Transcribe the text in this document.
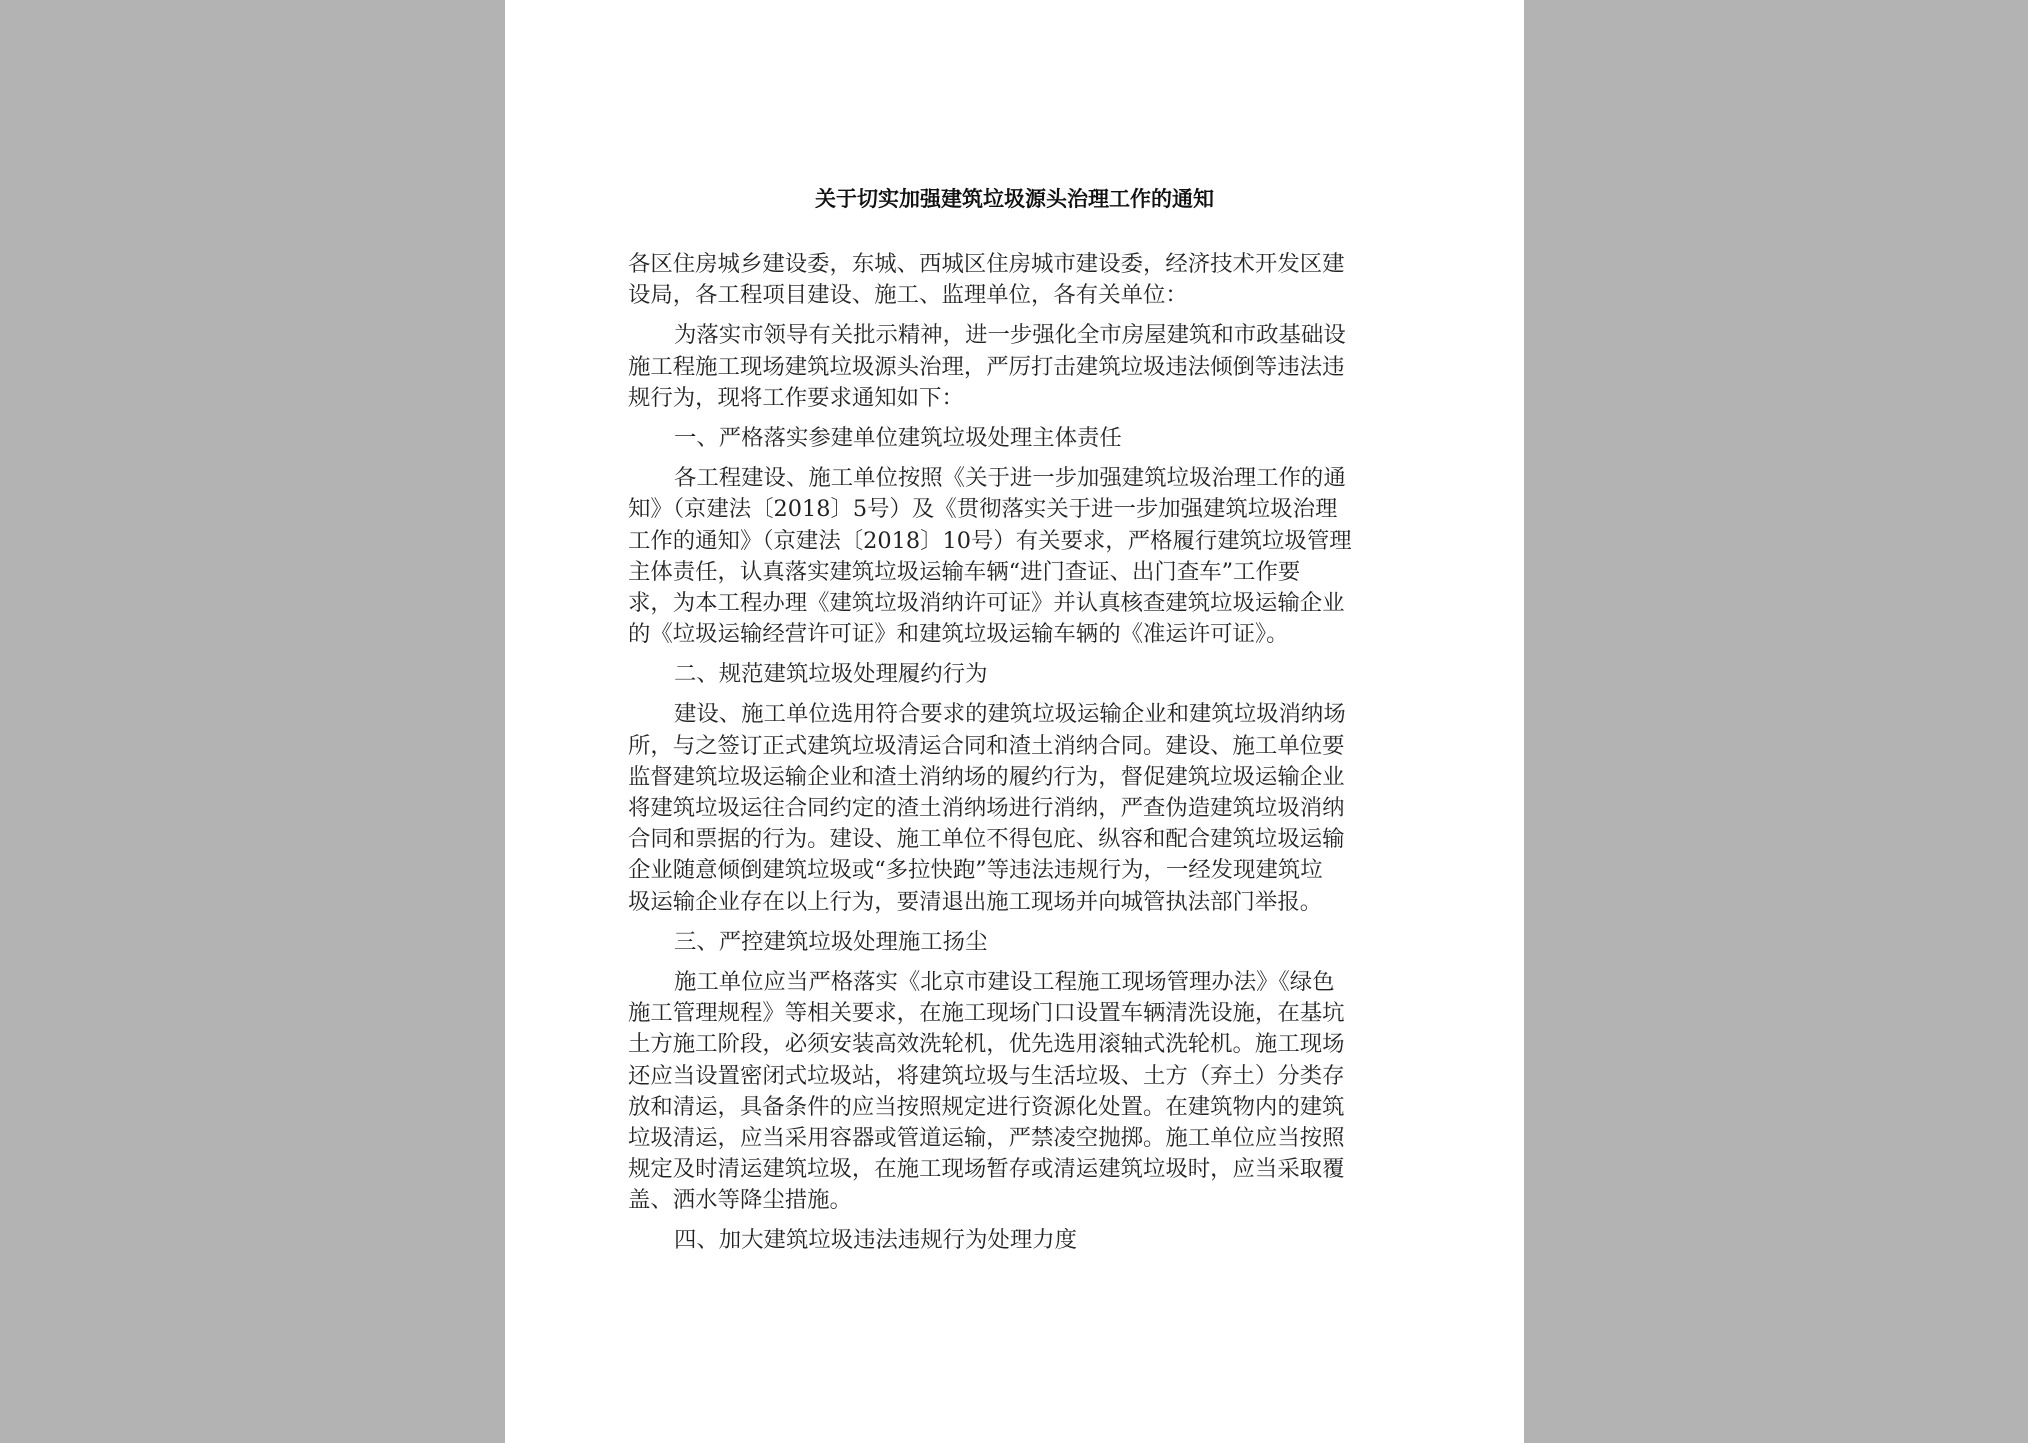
关于切实加强建筑垃圾源头治理工作的通知
各区住房城乡建设委，东城、西城区住房城市建设委，经济技术开发区建
设局，各工程项目建设、施工、监理单位，各有关单位：
为落实市领导有关批示精神，进一步强化全市房屋建筑和市政基础设
施工程施工现场建筑垃圾源头治理，严厉打击建筑垃圾违法倾倒等违法违
规行为，现将工作要求通知如下：
一、严格落实参建单位建筑垃圾处理主体责任
各工程建设、施工单位按照《关于进一步加强建筑垃圾治理工作的通
知》（京建法〔2018〕5号）及《贯彻落实关于进一步加强建筑垃圾治理
工作的通知》（京建法〔2018〕10号）有关要求，严格履行建筑垃圾管理
主体责任，认真落实建筑垃圾运输车辆“进门查证、出门查车”工作要
求，为本工程办理《建筑垃圾消纳许可证》并认真核查建筑垃圾运输企业
的《垃圾运输经营许可证》和建筑垃圾运输车辆的《准运许可证》。
二、规范建筑垃圾处理履约行为
建设、施工单位选用符合要求的建筑垃圾运输企业和建筑垃圾消纳场
所，与之签订正式建筑垃圾清运合同和渣土消纳合同。建设、施工单位要
监督建筑垃圾运输企业和渣土消纳场的履约行为，督促建筑垃圾运输企业
将建筑垃圾运往合同约定的渣土消纳场进行消纳，严查伪造建筑垃圾消纳
合同和票据的行为。建设、施工单位不得包庇、纵容和配合建筑垃圾运输
企业随意倾倒建筑垃圾或“多拉快跑”等违法违规行为，一经发现建筑垃
圾运输企业存在以上行为，要清退出施工现场并向城管执法部门举报。
三、严控建筑垃圾处理施工扬尘
施工单位应当严格落实《北京市建设工程施工现场管理办法》《绿色
施工管理规程》等相关要求，在施工现场门口设置车辆清洗设施，在基坑
土方施工阶段，必须安装高效洗轮机，优先选用滚轴式洗轮机。施工现场
还应当设置密闭式垃圾站，将建筑垃圾与生活垃圾、土方（弃土）分类存
放和清运，具备条件的应当按照规定进行资源化处置。在建筑物内的建筑
垃圾清运，应当采用容器或管道运输，严禁凌空抛掷。施工单位应当按照
规定及时清运建筑垃圾，在施工现场暂存或清运建筑垃圾时，应当采取覆
盖、洒水等降尘措施。
四、加大建筑垃圾违法违规行为处理力度
